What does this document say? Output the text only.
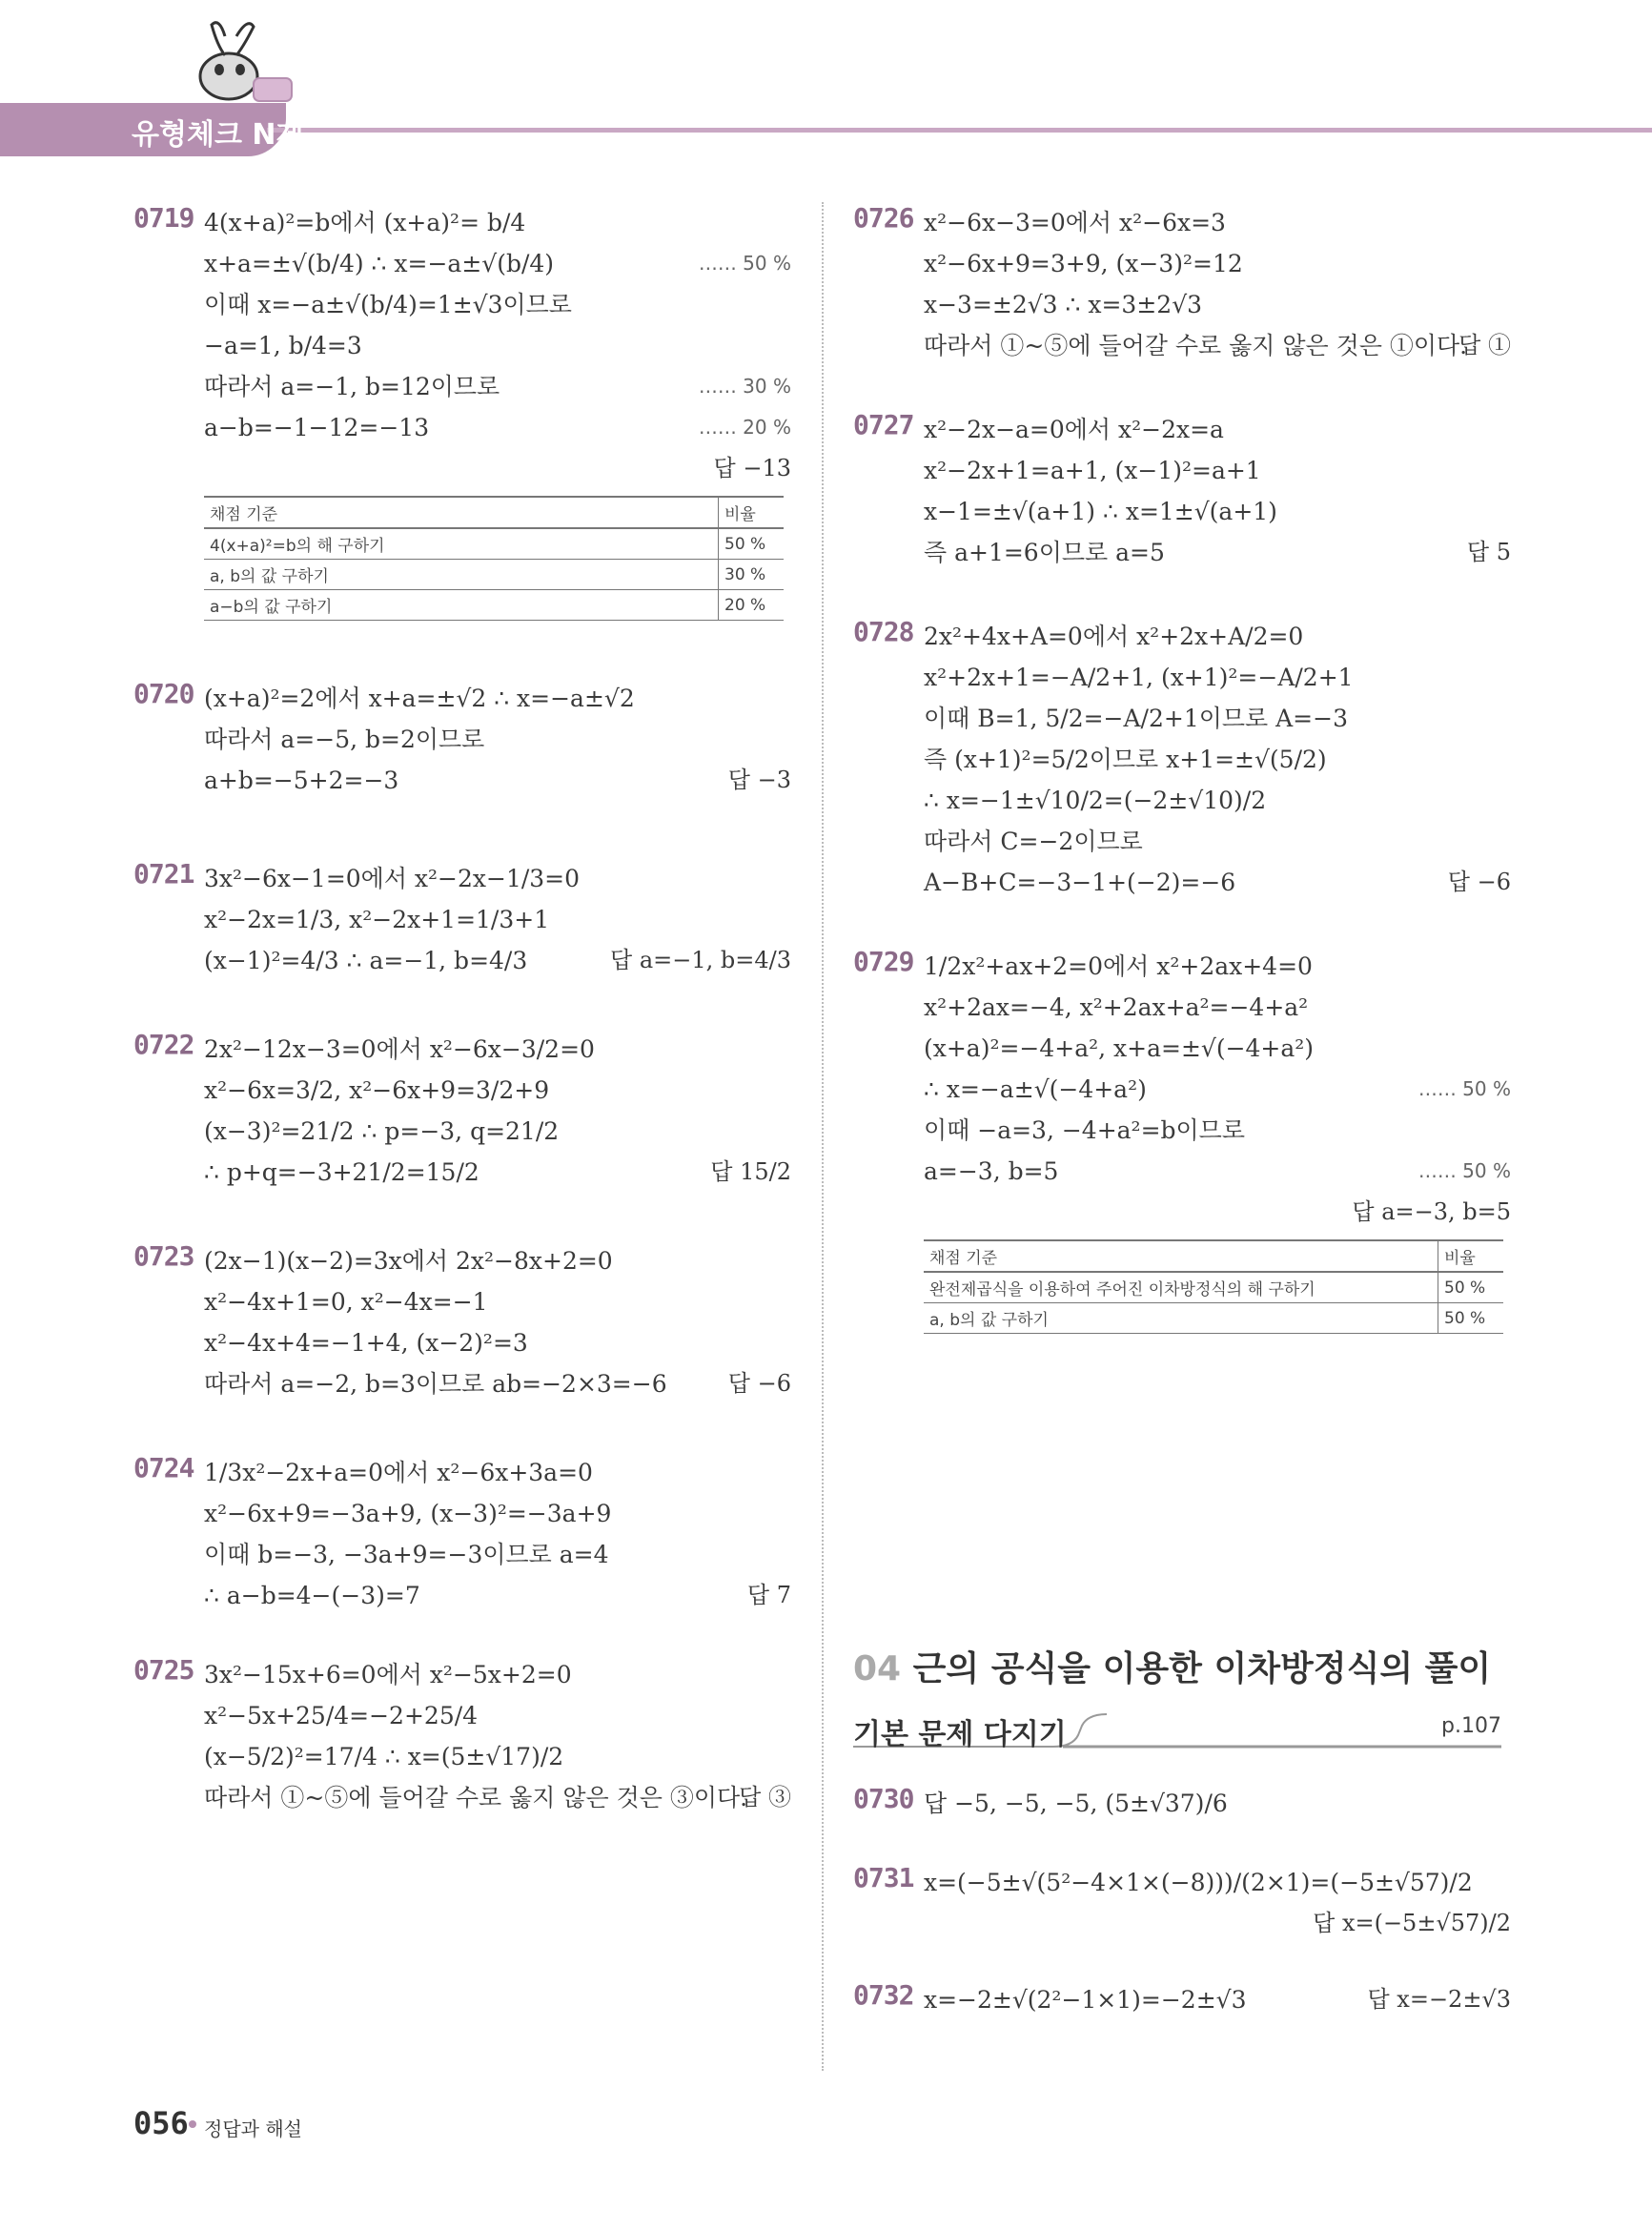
유형체크 N제
0719 4(x+a)²=b에서 (x+a)²= b/4
x+a=±√(b/4) ∴ x=−a±√(b/4)	…… 50 %
이때 x=−a±√(b/4)=1±√3이므로
−a=1, b/4=3
따라서 a=−1, b=12이므로	…… 30 %
a−b=−1−12=−13	…… 20 %
답 −13
채점 기준	비율
4(x+a)²=b의 해 구하기	50 %
a, b의 값 구하기	30 %
a−b의 값 구하기	20 %
0720 (x+a)²=2에서 x+a=±√2 ∴ x=−a±√2
따라서 a=−5, b=2이므로
a+b=−5+2=−3	답 −3
0721 3x²−6x−1=0에서 x²−2x−1/3=0
x²−2x=1/3, x²−2x+1=1/3+1
(x−1)²=4/3 ∴ a=−1, b=4/3	답 a=−1, b=4/3
0722 2x²−12x−3=0에서 x²−6x−3/2=0
x²−6x=3/2, x²−6x+9=3/2+9
(x−3)²=21/2 ∴ p=−3, q=21/2
∴ p+q=−3+21/2=15/2	답 15/2
0723 (2x−1)(x−2)=3x에서 2x²−8x+2=0
x²−4x+1=0, x²−4x=−1
x²−4x+4=−1+4, (x−2)²=3
따라서 a=−2, b=3이므로 ab=−2×3=−6	답 −6
0724 1/3x²−2x+a=0에서 x²−6x+3a=0
x²−6x+9=−3a+9, (x−3)²=−3a+9
이때 b=−3, −3a+9=−3이므로 a=4
∴ a−b=4−(−3)=7	답 7
0725 3x²−15x+6=0에서 x²−5x+2=0
x²−5x+25/4=−2+25/4
(x−5/2)²=17/4 ∴ x=(5±√17)/2
따라서 ①~⑤에 들어갈 수로 옳지 않은 것은 ③이다.
답 ③
0726 x²−6x−3=0에서 x²−6x=3
x²−6x+9=3+9, (x−3)²=12
x−3=±2√3 ∴ x=3±2√3
따라서 ①~⑤에 들어갈 수로 옳지 않은 것은 ①이다.
답 ①
0727 x²−2x−a=0에서 x²−2x=a
x²−2x+1=a+1, (x−1)²=a+1
x−1=±√(a+1) ∴ x=1±√(a+1)
즉 a+1=6이므로 a=5	답 5
0728 2x²+4x+A=0에서 x²+2x+A/2=0
x²+2x+1=−A/2+1, (x+1)²=−A/2+1
이때 B=1, 5/2=−A/2+1이므로 A=−3
즉 (x+1)²=5/2이므로 x+1=±√(5/2)
∴ x=−1±√10/2=(−2±√10)/2
따라서 C=−2이므로
A−B+C=−3−1+(−2)=−6	답 −6
0729 1/2x²+ax+2=0에서 x²+2ax+4=0
x²+2ax=−4, x²+2ax+a²=−4+a²
(x+a)²=−4+a², x+a=±√(−4+a²)
∴ x=−a±√(−4+a²)	…… 50 %
이때 −a=3, −4+a²=b이므로
a=−3, b=5	…… 50 %
답 a=−3, b=5
채점 기준	비율
완전제곱식을 이용하여 주어진 이차방정식의 해 구하기	50 %
a, b의 값 구하기	50 %
04 근의 공식을 이용한 이차방정식의 풀이
기본 문제 다지기	p.107
0730 답 −5, −5, −5, (5±√37)/6
0731 x=(−5±√(5²−4×1×(−8)))/(2×1)=(−5±√57)/2
답 x=(−5±√57)/2
0732 x=−2±√(2²−1×1)=−2±√3	답 x=−2±√3
056 정답과 해설
